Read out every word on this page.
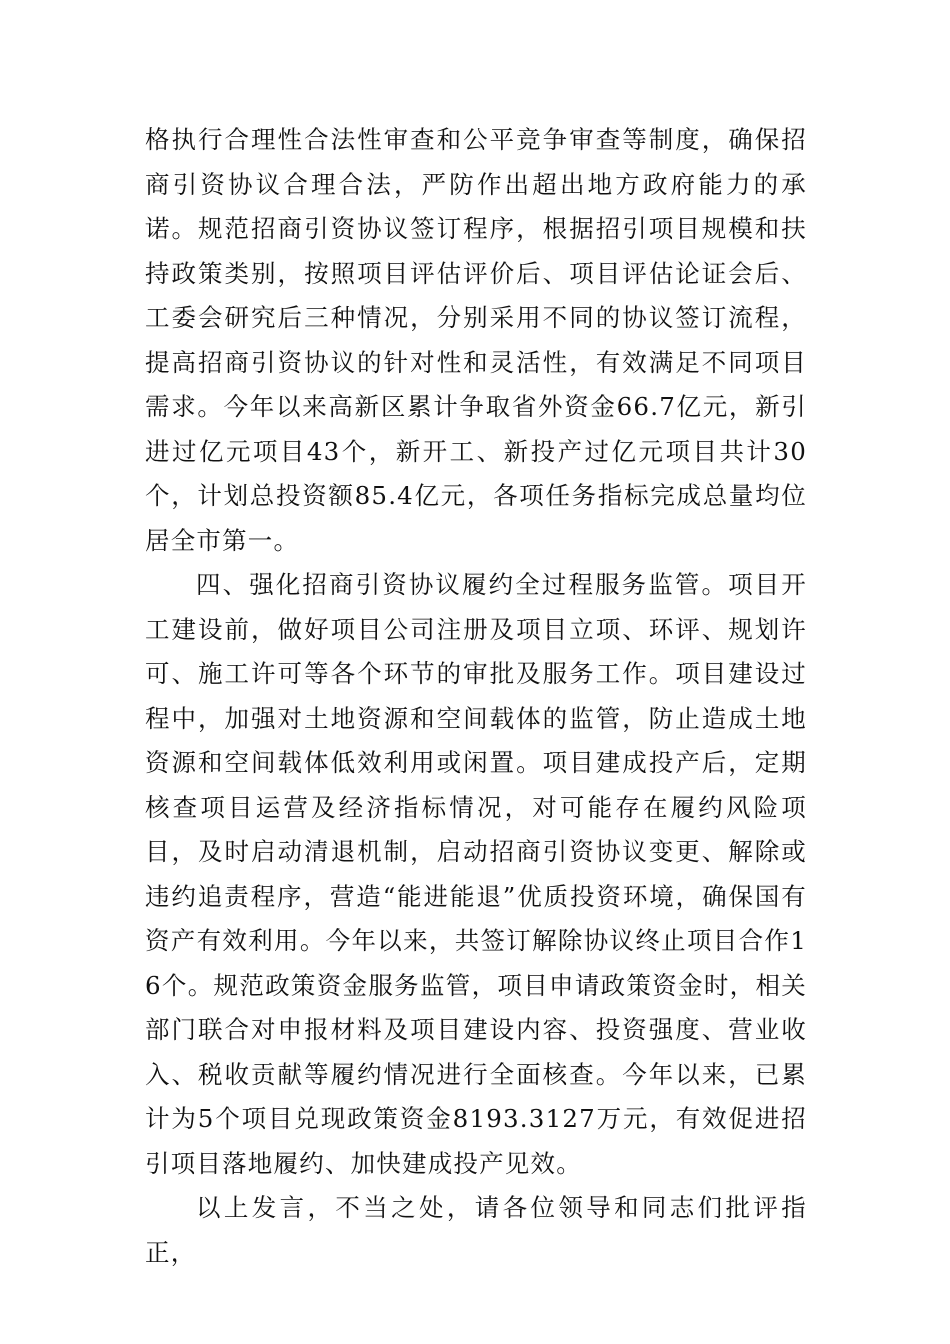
格执行合理性合法性审查和公平竞争审查等制度，确保招商引资协议合理合法，严防作出超出地方政府能力的承诺。规范招商引资协议签订程序，根据招引项目规模和扶持政策类别，按照项目评估评价后、项目评估论证会后、工委会研究后三种情况，分别采用不同的协议签订流程，提高招商引资协议的针对性和灵活性，有效满足不同项目需求。今年以来高新区累计争取省外资金66.7亿元，新引进过亿元项目43个，新开工、新投产过亿元项目共计30个，计划总投资额85.4亿元，各项任务指标完成总量均位居全市第一。

四、强化招商引资协议履约全过程服务监管。项目开工建设前，做好项目公司注册及项目立项、环评、规划许可、施工许可等各个环节的审批及服务工作。项目建设过程中，加强对土地资源和空间载体的监管，防止造成土地资源和空间载体低效利用或闲置。项目建成投产后，定期核查项目运营及经济指标情况，对可能存在履约风险项目，及时启动清退机制，启动招商引资协议变更、解除或违约追责程序，营造“能进能退”优质投资环境，确保国有资产有效利用。今年以来，共签订解除协议终止项目合作16个。规范政策资金服务监管，项目申请政策资金时，相关部门联合对申报材料及项目建设内容、投资强度、营业收入、税收贡献等履约情况进行全面核查。今年以来，已累计为5个项目兑现政策资金8193.3127万元，有效促进招引项目落地履约、加快建成投产见效。

以上发言，不当之处，请各位领导和同志们批评指正，
